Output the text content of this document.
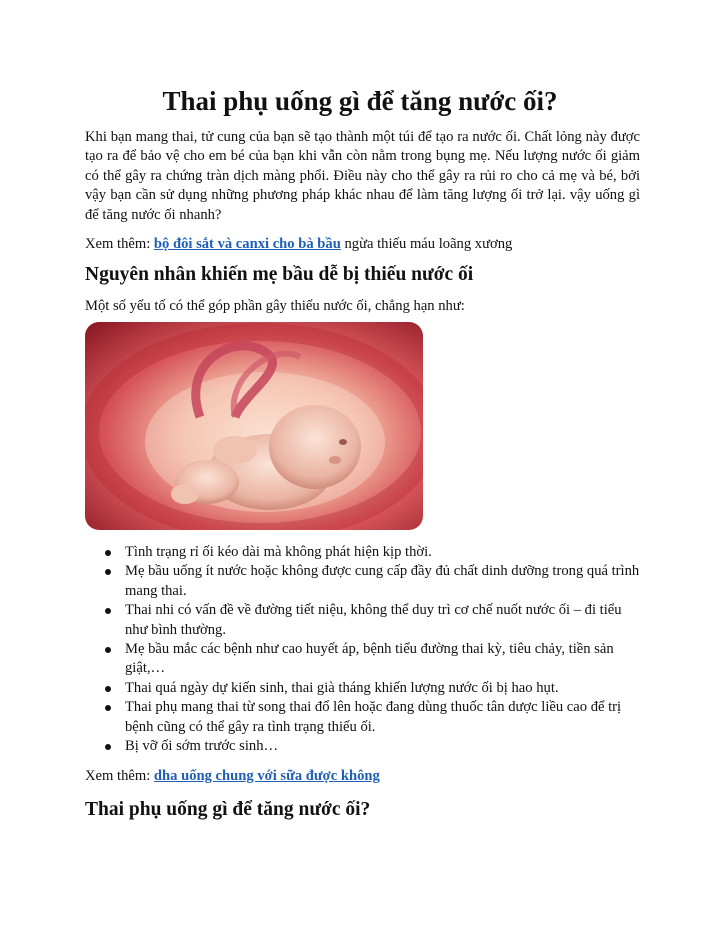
Thai phụ uống gì để tăng nước ối?

Khi bạn mang thai, tử cung của bạn sẽ tạo thành một túi để tạo ra nước ối. Chất lỏng này được tạo ra để bảo vệ cho em bé của bạn khi vẫn còn nằm trong bụng mẹ. Nếu lượng nước ối giảm có thể gây ra chứng tràn dịch màng phổi. Điều này cho thể gây ra rủi ro cho cả mẹ và bé, bởi vậy bạn cần sử dụng những phương pháp khác nhau để làm tăng lượng ối trở lại. vậy uống gì để tăng nước ối nhanh?

Xem thêm: bộ đôi sắt và canxi cho bà bầu ngừa thiếu máu loãng xương

Nguyên nhân khiến mẹ bầu dễ bị thiếu nước ối

Một số yếu tố có thể góp phần gây thiếu nước ối, chẳng hạn như:

Tình trạng rỉ ối kéo dài mà không phát hiện kịp thời.
Mẹ bầu uống ít nước hoặc không được cung cấp đầy đủ chất dinh dưỡng trong quá trình mang thai.
Thai nhi có vấn đề về đường tiết niệu, không thể duy trì cơ chế nuốt nước ối – đi tiểu như bình thường.
Mẹ bầu mắc các bệnh như cao huyết áp, bệnh tiểu đường thai kỳ, tiêu chảy, tiền sản giật,…
Thai quá ngày dự kiến sinh, thai già tháng khiến lượng nước ối bị hao hụt.
Thai phụ mang thai từ song thai đổ lên hoặc đang dùng thuốc tân dược liều cao để trị bệnh cũng có thể gây ra tình trạng thiếu ối.
Bị vỡ ối sớm trước sinh…

Xem thêm: dha uống chung với sữa được không

Thai phụ uống gì để tăng nước ối?
